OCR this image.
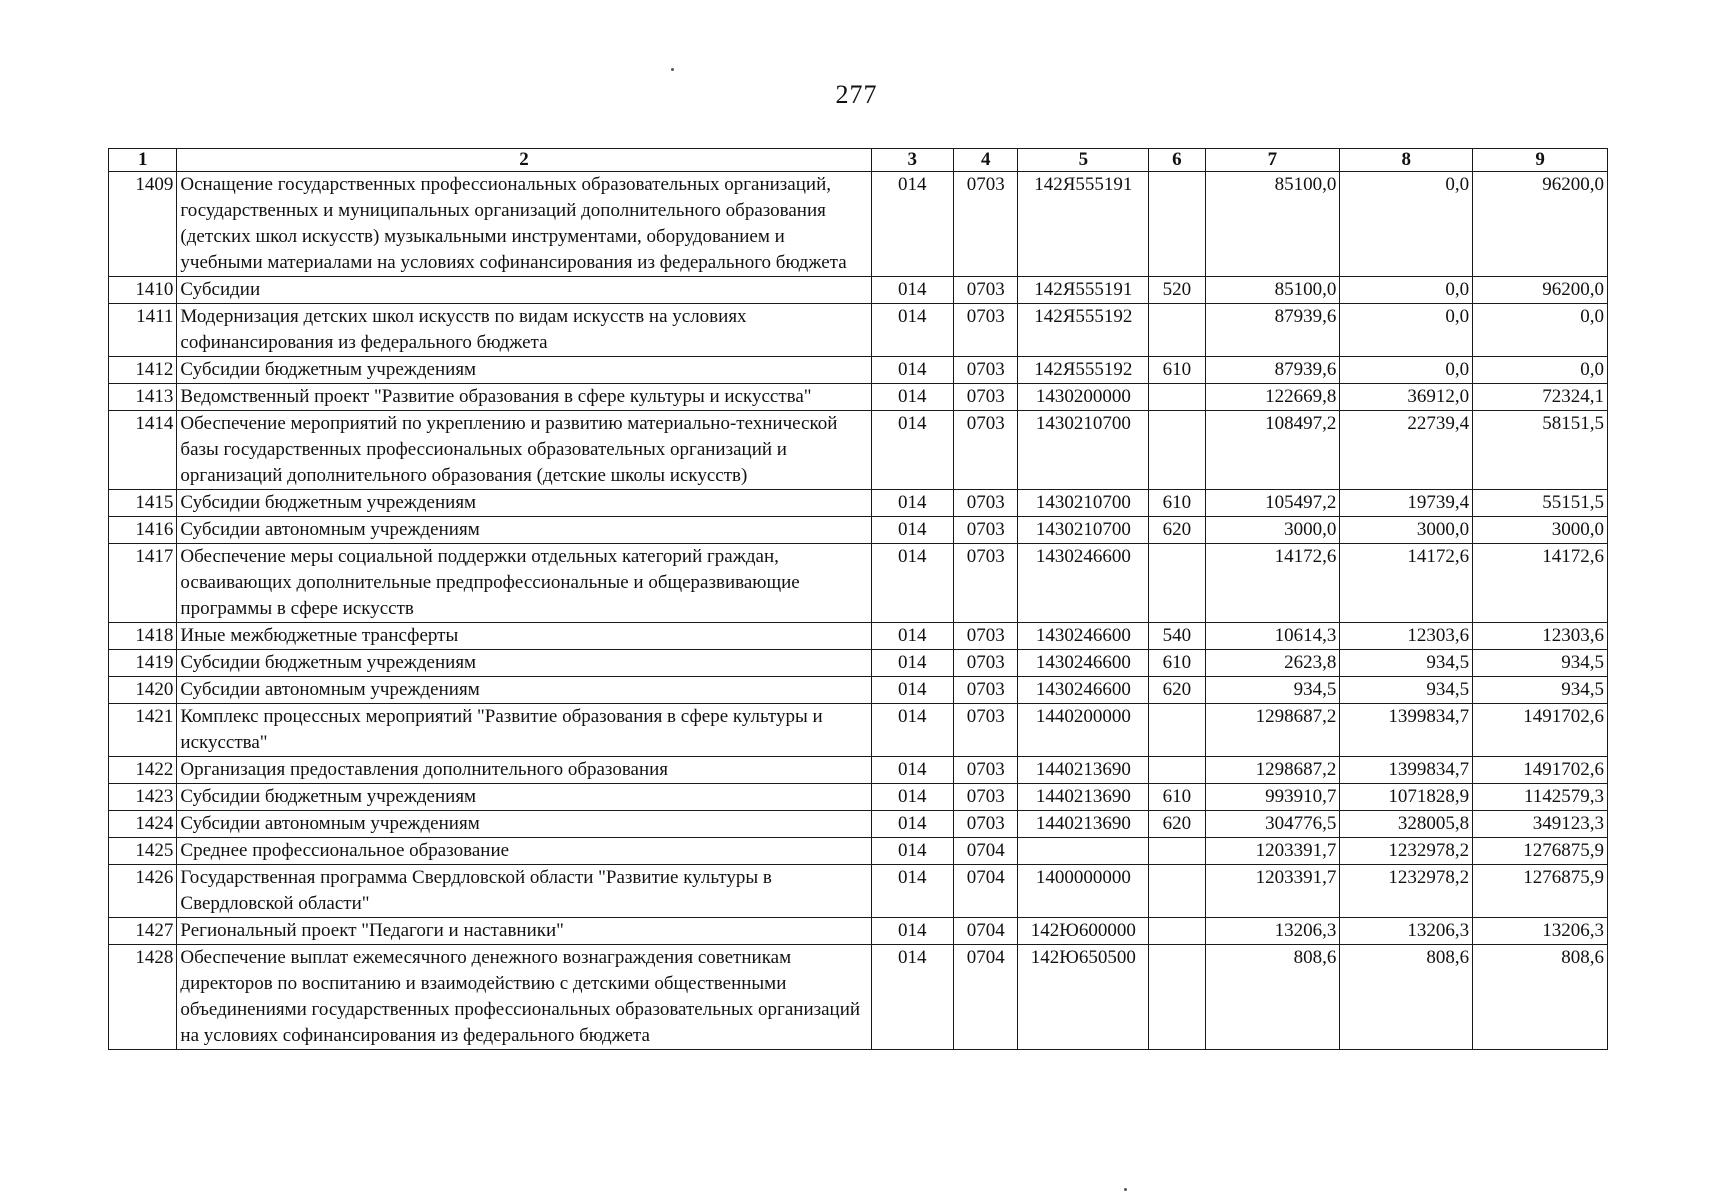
277
1	2	3	4	5	6	7	8	9
1409	Оснащение государственных профессиональных образовательных организаций, государственных и муниципальных организаций дополнительного образования (детских школ искусств) музыкальными инструментами, оборудованием и учебными материалами на условиях софинансирования из федерального бюджета	014	0703	142Я555191		85100,0	0,0	96200,0
1410	Субсидии	014	0703	142Я555191	520	85100,0	0,0	96200,0
1411	Модернизация детских школ искусств по видам искусств на условиях софинансирования из федерального бюджета	014	0703	142Я555192		87939,6	0,0	0,0
1412	Субсидии бюджетным учреждениям	014	0703	142Я555192	610	87939,6	0,0	0,0
1413	Ведомственный проект "Развитие образования в сфере культуры и искусства"	014	0703	1430200000		122669,8	36912,0	72324,1
1414	Обеспечение мероприятий по укреплению и развитию материально-технической базы государственных профессиональных образовательных организаций и организаций дополнительного образования (детские школы искусств)	014	0703	1430210700		108497,2	22739,4	58151,5
1415	Субсидии бюджетным учреждениям	014	0703	1430210700	610	105497,2	19739,4	55151,5
1416	Субсидии автономным учреждениям	014	0703	1430210700	620	3000,0	3000,0	3000,0
1417	Обеспечение меры социальной поддержки отдельных категорий граждан, осваивающих дополнительные предпрофессиональные и общеразвивающие программы в сфере искусств	014	0703	1430246600		14172,6	14172,6	14172,6
1418	Иные межбюджетные трансферты	014	0703	1430246600	540	10614,3	12303,6	12303,6
1419	Субсидии бюджетным учреждениям	014	0703	1430246600	610	2623,8	934,5	934,5
1420	Субсидии автономным учреждениям	014	0703	1430246600	620	934,5	934,5	934,5
1421	Комплекс процессных мероприятий "Развитие образования в сфере культуры и искусства"	014	0703	1440200000		1298687,2	1399834,7	1491702,6
1422	Организация предоставления дополнительного образования	014	0703	1440213690		1298687,2	1399834,7	1491702,6
1423	Субсидии бюджетным учреждениям	014	0703	1440213690	610	993910,7	1071828,9	1142579,3
1424	Субсидии автономным учреждениям	014	0703	1440213690	620	304776,5	328005,8	349123,3
1425	Среднее профессиональное образование	014	0704			1203391,7	1232978,2	1276875,9
1426	Государственная программа Свердловской области "Развитие культуры в Свердловской области"	014	0704	1400000000		1203391,7	1232978,2	1276875,9
1427	Региональный проект "Педагоги и наставники"	014	0704	142Ю600000		13206,3	13206,3	13206,3
1428	Обеспечение выплат ежемесячного денежного вознаграждения советникам директоров по воспитанию и взаимодействию с детскими общественными объединениями государственных профессиональных образовательных организаций на условиях софинансирования из федерального бюджета	014	0704	142Ю650500		808,6	808,6	808,6
